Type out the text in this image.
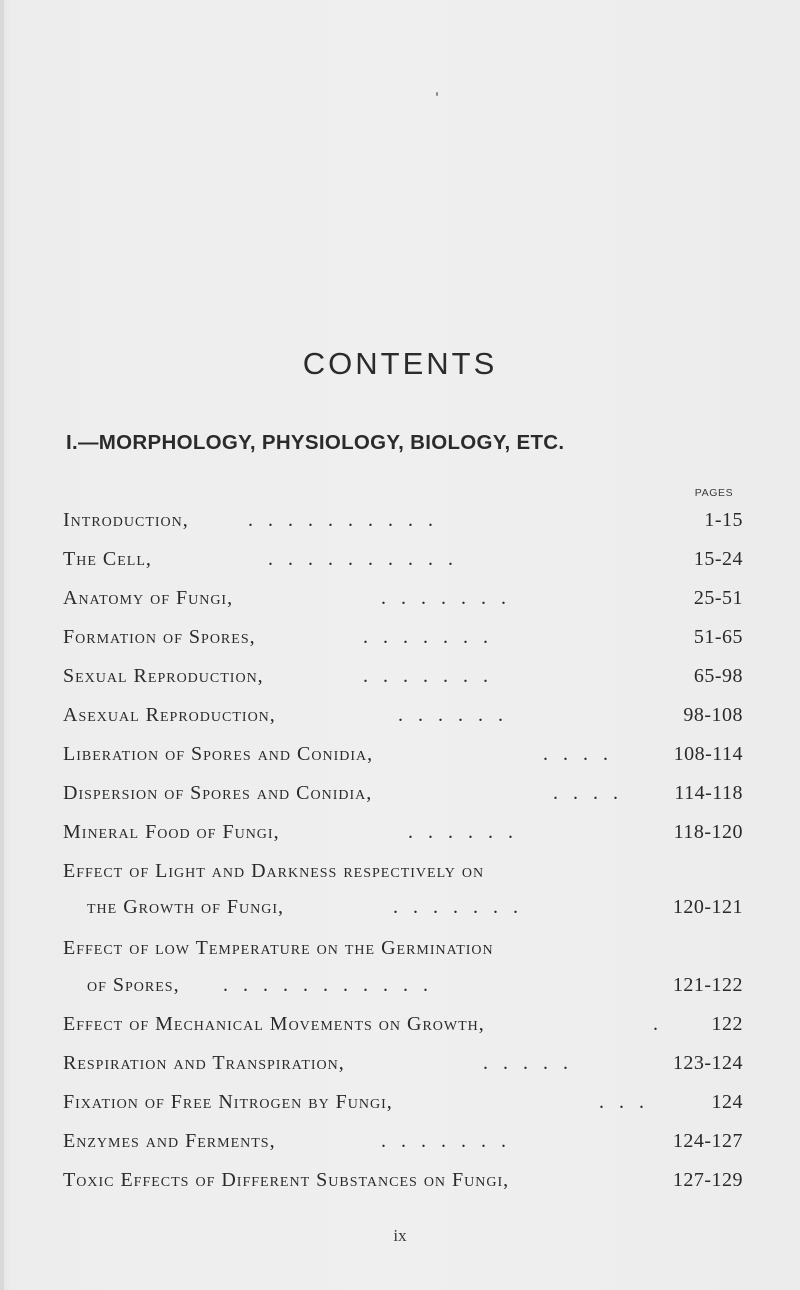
CONTENTS
I.—MORPHOLOGY, PHYSIOLOGY, BIOLOGY, ETC.
PAGES
Introduction,	.   .   .   .   .   .   .   .   .   .	1-15
The Cell,	.   .   .   .   .   .   .   .   .   .	15-24
Anatomy of Fungi,	.   .   .   .   .   .   .	25-51
Formation of Spores,	.   .   .   .   .   .   .	51-65
Sexual Reproduction,	.   .   .   .   .   .   .	65-98
Asexual Reproduction,	.   .   .   .   .   .	98-108
Liberation of Spores and Conidia,	.   .   .   .	108-114
Dispersion of Spores and Conidia,	.   .   .   .	114-118
Mineral Food of Fungi,	.   .   .   .   .   .	118-120
Effect of Light and Darkness respectively on
the Growth of Fungi,	.   .   .   .   .   .   .	120-121
Effect of low Temperature on the Germination
of Spores, .   .   .   .   .   .   .   .   .   .   .	121-122
Effect of Mechanical Movements on Growth,	.	122
Respiration and Transpiration,	.   .   .   .   .	123-124
Fixation of Free Nitrogen by Fungi,	.   .   .	124
Enzymes and Ferments,	.   .   .   .   .   .   .	124-127
Toxic Effects of Different Substances on Fungi,	127-129
ix
